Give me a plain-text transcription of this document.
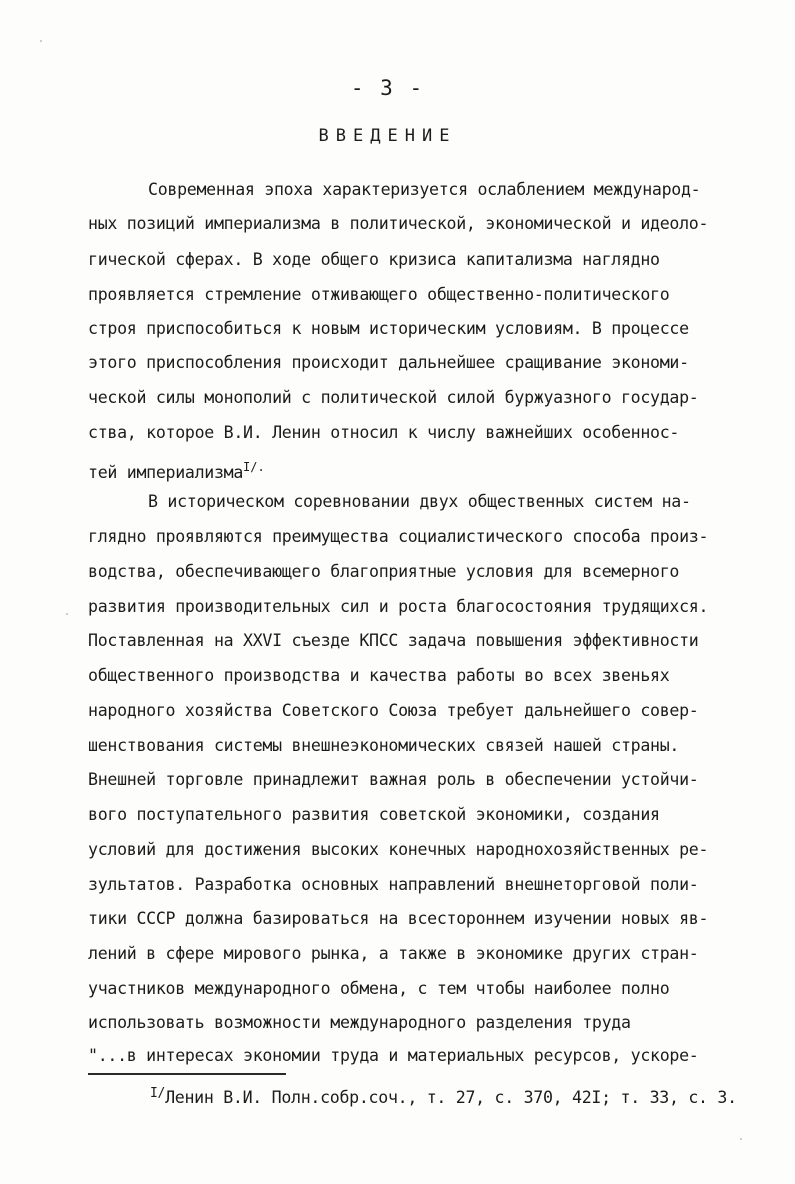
- 3 -
ВВЕДЕНИЕ
Современная эпоха характеризуется ослаблением международ-
ных позиций империализма в политической, экономической и идеоло-
гической сферах. В ходе общего кризиса капитализма наглядно
проявляется стремление отживающего общественно-политического
строя приспособиться к новым историческим условиям. В процессе
этого приспособления происходит дальнейшее сращивание экономи-
ческой силы монополий с политической силой буржуазного государ-
ства, которое В.И. Ленин относил к числу важнейших особеннос-
тей империализма$^{I/.}$
В историческом соревновании двух общественных систем на-
глядно проявляются преимущества социалистического способа произ-
водства, обеспечивающего благоприятные условия для всемерного
развития производительных сил и роста благосостояния трудящихся.
Поставленная на XXVI съезде КПСС задача повышения эффективности
общественного производства и качества работы во всех звеньях
народного хозяйства Советского Союза требует дальнейшего совер-
шенствования системы внешнеэкономических связей нашей страны.
Внешней торговле принадлежит важная роль в обеспечении устойчи-
вого поступательного развития советской экономики, создания
условий для достижения высоких конечных народнохозяйственных ре-
зультатов. Разработка основных направлений внешнеторговой поли-
тики СССР должна базироваться на всестороннем изучении новых яв-
лений в сфере мирового рынка, а также в экономике других стран-
участников международного обмена, с тем чтобы наиболее полно
использовать возможности международного разделения труда
"...в интересах экономии труда и материальных ресурсов, ускоре-
$^{I/}$Ленин В.И. Полн.собр.соч., т. 27, с. 370, 42I; т. 33, с. 3.
